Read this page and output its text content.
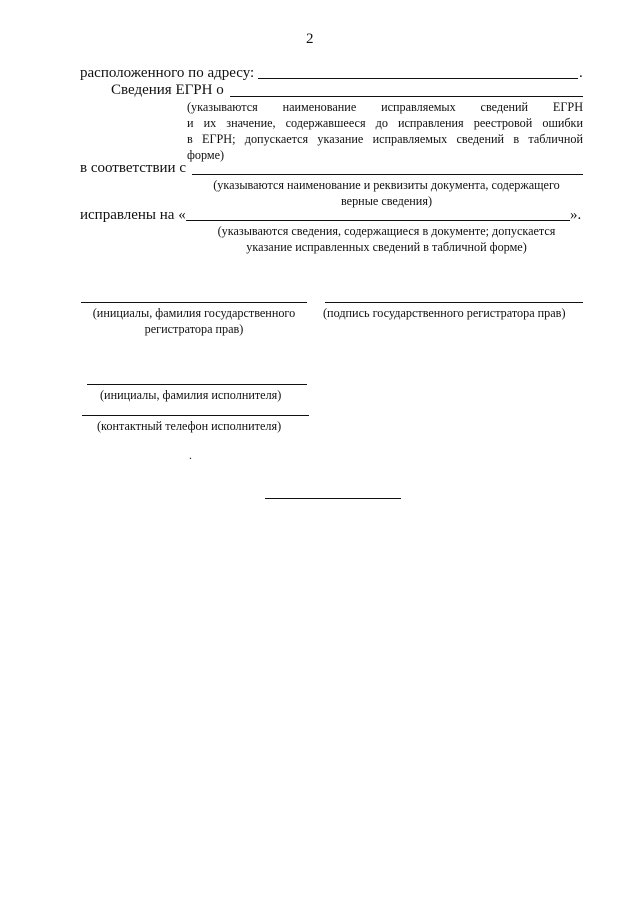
2
расположенного по адресу:	.
Сведения ЕГРН о
(указываются наименование исправляемых сведений ЕГРН
и их значение, содержавшееся до исправления реестровой ошибки
в ЕГРН; допускается указание исправляемых сведений в табличной
форме)
в соответствии с
(указываются наименование и реквизиты документа, содержащего
верные сведения)
исправлены на «	».
(указываются сведения, содержащиеся в документе; допускается
указание исправленных сведений в табличной форме)
(инициалы, фамилия государственного
регистратора прав)
(подпись государственного регистратора прав)
(инициалы, фамилия исполнителя)
(контактный телефон исполнителя)
.
